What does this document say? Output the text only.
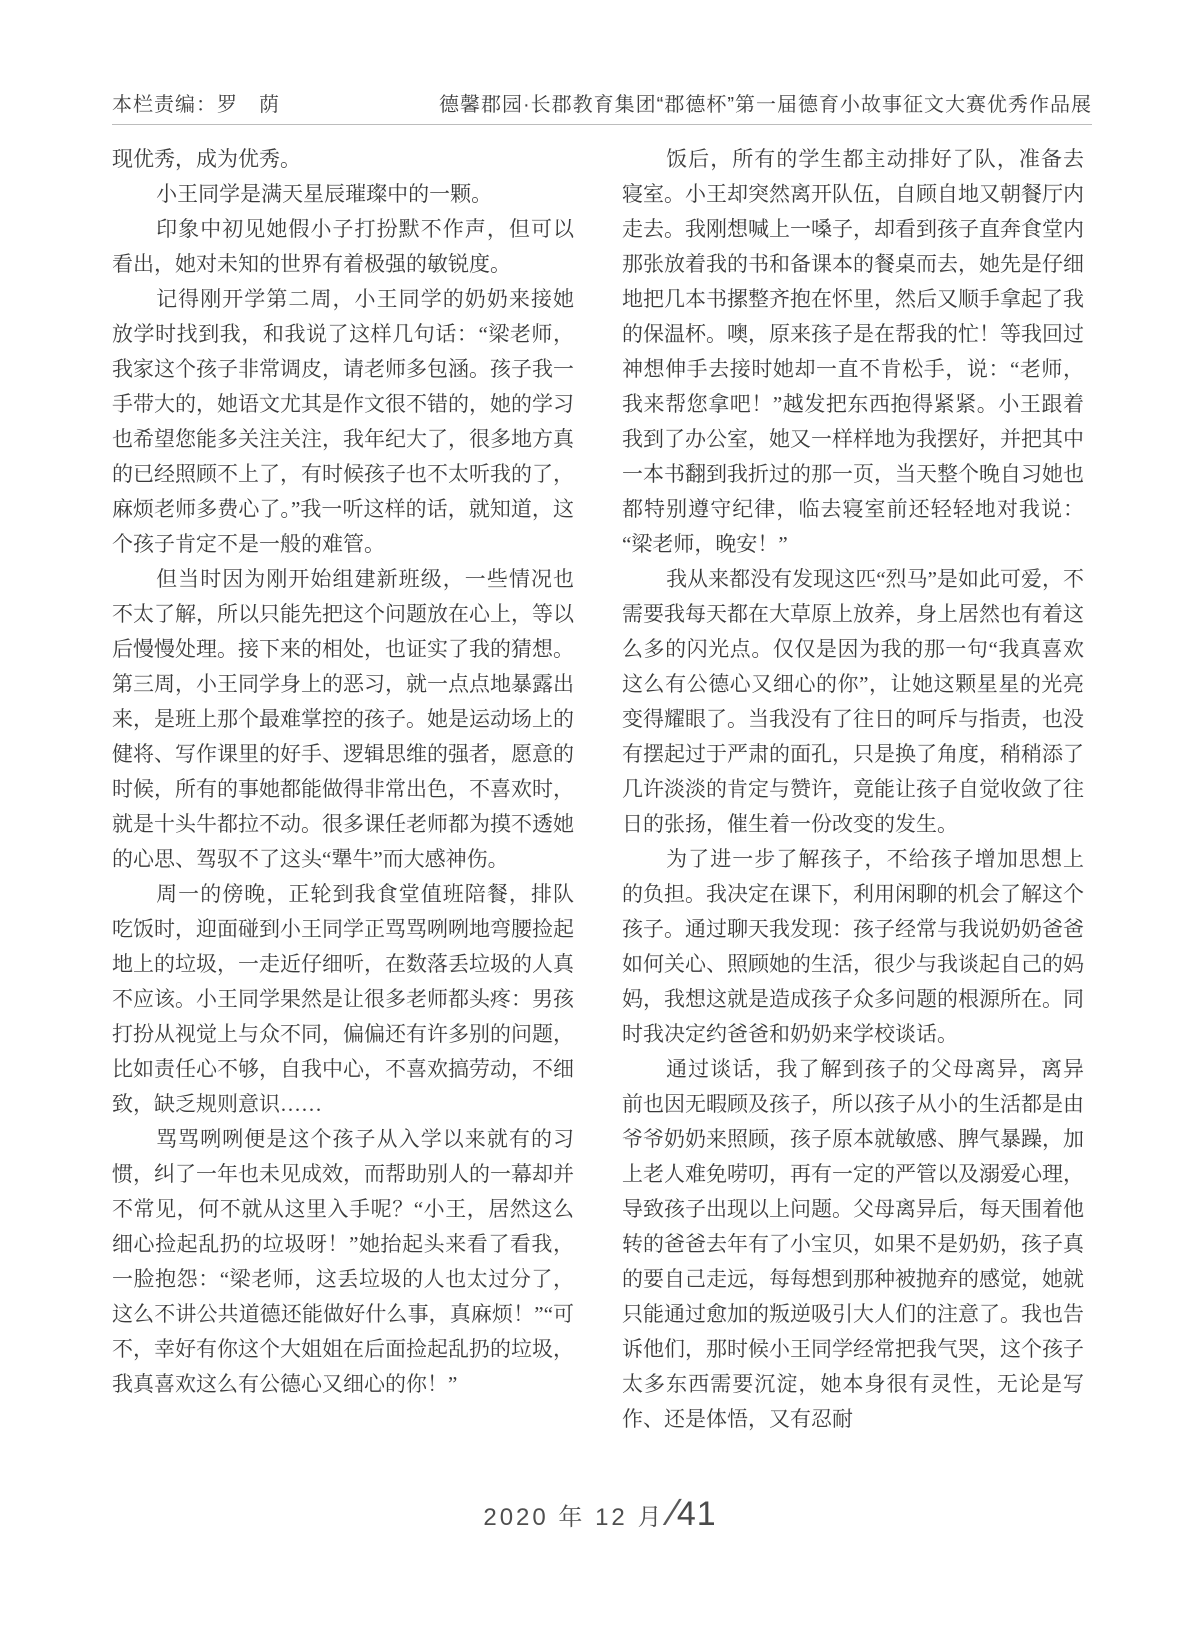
本栏责编：罗　荫	德馨郡园·长郡教育集团“郡德杯”第一届德育小故事征文大赛优秀作品展

现优秀，成为优秀。

小王同学是满天星辰璀璨中的一颗。

印象中初见她假小子打扮默不作声，但可以看出，她对未知的世界有着极强的敏锐度。

记得刚开学第二周，小王同学的奶奶来接她放学时找到我，和我说了这样几句话：“梁老师，我家这个孩子非常调皮，请老师多包涵。孩子我一手带大的，她语文尤其是作文很不错的，她的学习也希望您能多关注关注，我年纪大了，很多地方真的已经照顾不上了，有时候孩子也不太听我的了，麻烦老师多费心了。”我一听这样的话，就知道，这个孩子肯定不是一般的难管。

但当时因为刚开始组建新班级，一些情况也不太了解，所以只能先把这个问题放在心上，等以后慢慢处理。接下来的相处，也证实了我的猜想。第三周，小王同学身上的恶习，就一点点地暴露出来，是班上那个最难掌控的孩子。她是运动场上的健将、写作课里的好手、逻辑思维的强者，愿意的时候，所有的事她都能做得非常出色，不喜欢时，就是十头牛都拉不动。很多课任老师都为摸不透她的心思、驾驭不了这头“犟牛”而大感神伤。

周一的傍晚，正轮到我食堂值班陪餐，排队吃饭时，迎面碰到小王同学正骂骂咧咧地弯腰捡起地上的垃圾，一走近仔细听，在数落丢垃圾的人真不应该。小王同学果然是让很多老师都头疼：男孩打扮从视觉上与众不同，偏偏还有许多别的问题，比如责任心不够，自我中心，不喜欢搞劳动，不细致，缺乏规则意识……

骂骂咧咧便是这个孩子从入学以来就有的习惯，纠了一年也未见成效，而帮助别人的一幕却并不常见，何不就从这里入手呢？“小王，居然这么细心捡起乱扔的垃圾呀！”她抬起头来看了看我，一脸抱怨：“梁老师，这丢垃圾的人也太过分了，这么不讲公共道德还能做好什么事，真麻烦！”“可不，幸好有你这个大姐姐在后面捡起乱扔的垃圾，我真喜欢这么有公德心又细心的你！”

饭后，所有的学生都主动排好了队，准备去寝室。小王却突然离开队伍，自顾自地又朝餐厅内走去。我刚想喊上一嗓子，却看到孩子直奔食堂内那张放着我的书和备课本的餐桌而去，她先是仔细地把几本书摞整齐抱在怀里，然后又顺手拿起了我的保温杯。噢，原来孩子是在帮我的忙！等我回过神想伸手去接时她却一直不肯松手，说：“老师，我来帮您拿吧！”越发把东西抱得紧紧。小王跟着我到了办公室，她又一样样地为我摆好，并把其中一本书翻到我折过的那一页，当天整个晚自习她也都特别遵守纪律，临去寝室前还轻轻地对我说：“梁老师，晚安！”

我从来都没有发现这匹“烈马”是如此可爱，不需要我每天都在大草原上放养，身上居然也有着这么多的闪光点。仅仅是因为我的那一句“我真喜欢这么有公德心又细心的你”，让她这颗星星的光亮变得耀眼了。当我没有了往日的呵斥与指责，也没有摆起过于严肃的面孔，只是换了角度，稍稍添了几许淡淡的肯定与赞许，竟能让孩子自觉收敛了往日的张扬，催生着一份改变的发生。

为了进一步了解孩子，不给孩子增加思想上的负担。我决定在课下，利用闲聊的机会了解这个孩子。通过聊天我发现：孩子经常与我说奶奶爸爸如何关心、照顾她的生活，很少与我谈起自己的妈妈，我想这就是造成孩子众多问题的根源所在。同时我决定约爸爸和奶奶来学校谈话。

通过谈话，我了解到孩子的父母离异，离异前也因无暇顾及孩子，所以孩子从小的生活都是由爷爷奶奶来照顾，孩子原本就敏感、脾气暴躁，加上老人难免唠叨，再有一定的严管以及溺爱心理，导致孩子出现以上问题。父母离异后，每天围着他转的爸爸去年有了小宝贝，如果不是奶奶，孩子真的要自己走远，每每想到那种被抛弃的感觉，她就只能通过愈加的叛逆吸引大人们的注意了。我也告诉他们，那时候小王同学经常把我气哭，这个孩子太多东西需要沉淀，她本身很有灵性，无论是写作、还是体悟，又有忍耐

2020 年 12 月 ∕ 41
